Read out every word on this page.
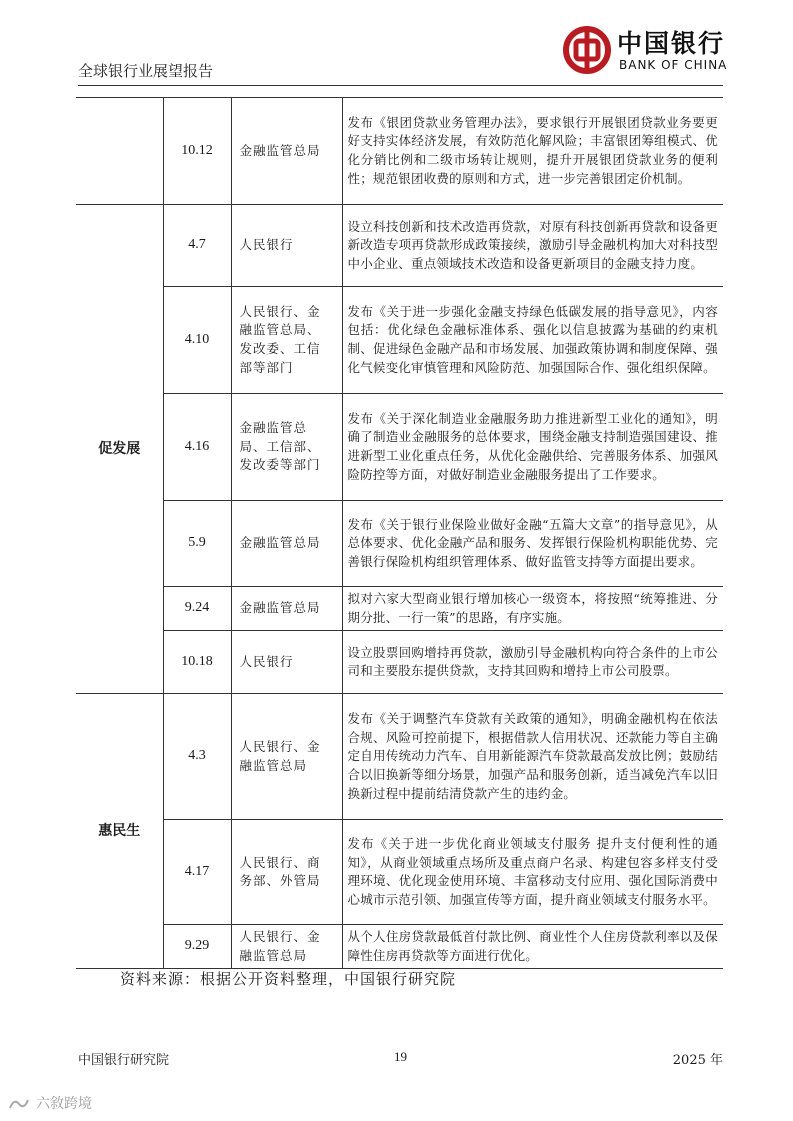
全球银行业展望报告
中国银行
BANK OF CHINA
	10.12	金融监管总局	发布《银团贷款业务管理办法》，要求银行开展银团贷款业务要更好支持实体经济发展，有效防范化解风险；丰富银团筹组模式、优化分销比例和二级市场转让规则，提升开展银团贷款业务的便利性；规范银团收费的原则和方式，进一步完善银团定价机制。
促发展	4.7	人民银行	设立科技创新和技术改造再贷款，对原有科技创新再贷款和设备更新改造专项再贷款形成政策接续，激励引导金融机构加大对科技型中小企业、重点领域技术改造和设备更新项目的金融支持力度。
	4.10	人民银行、金融监管总局、发改委、工信部等部门	发布《关于进一步强化金融支持绿色低碳发展的指导意见》，内容包括：优化绿色金融标准体系、强化以信息披露为基础的约束机制、促进绿色金融产品和市场发展、加强政策协调和制度保障、强化气候变化审慎管理和风险防范、加强国际合作、强化组织保障。
	4.16	金融监管总局、工信部、发改委等部门	发布《关于深化制造业金融服务助力推进新型工业化的通知》，明确了制造业金融服务的总体要求，围绕金融支持制造强国建设、推进新型工业化重点任务，从优化金融供给、完善服务体系、加强风险防控等方面，对做好制造业金融服务提出了工作要求。
	5.9	金融监管总局	发布《关于银行业保险业做好金融“五篇大文章”的指导意见》，从总体要求、优化金融产品和服务、发挥银行保险机构职能优势、完善银行保险机构组织管理体系、做好监管支持等方面提出要求。
	9.24	金融监管总局	拟对六家大型商业银行增加核心一级资本，将按照“统筹推进、分期分批、一行一策”的思路，有序实施。
	10.18	人民银行	设立股票回购增持再贷款，激励引导金融机构向符合条件的上市公司和主要股东提供贷款，支持其回购和增持上市公司股票。
惠民生	4.3	人民银行、金融监管总局	发布《关于调整汽车贷款有关政策的通知》，明确金融机构在依法合规、风险可控前提下，根据借款人信用状况、还款能力等自主确定自用传统动力汽车、自用新能源汽车贷款最高发放比例；鼓励结合以旧换新等细分场景，加强产品和服务创新，适当减免汽车以旧换新过程中提前结清贷款产生的违约金。
	4.17	人民银行、商务部、外管局	发布《关于进一步优化商业领域支付服务 提升支付便利性的通知》，从商业领域重点场所及重点商户名录、构建包容多样支付受理环境、优化现金使用环境、丰富移动支付应用、强化国际消费中心城市示范引领、加强宣传等方面，提升商业领域支付服务水平。
	9.29	人民银行、金融监管总局	从个人住房贷款最低首付款比例、商业性个人住房贷款利率以及保障性住房再贷款等方面进行优化。
资料来源：根据公开资料整理，中国银行研究院
中国银行研究院	19	2025 年
六敘跨境
